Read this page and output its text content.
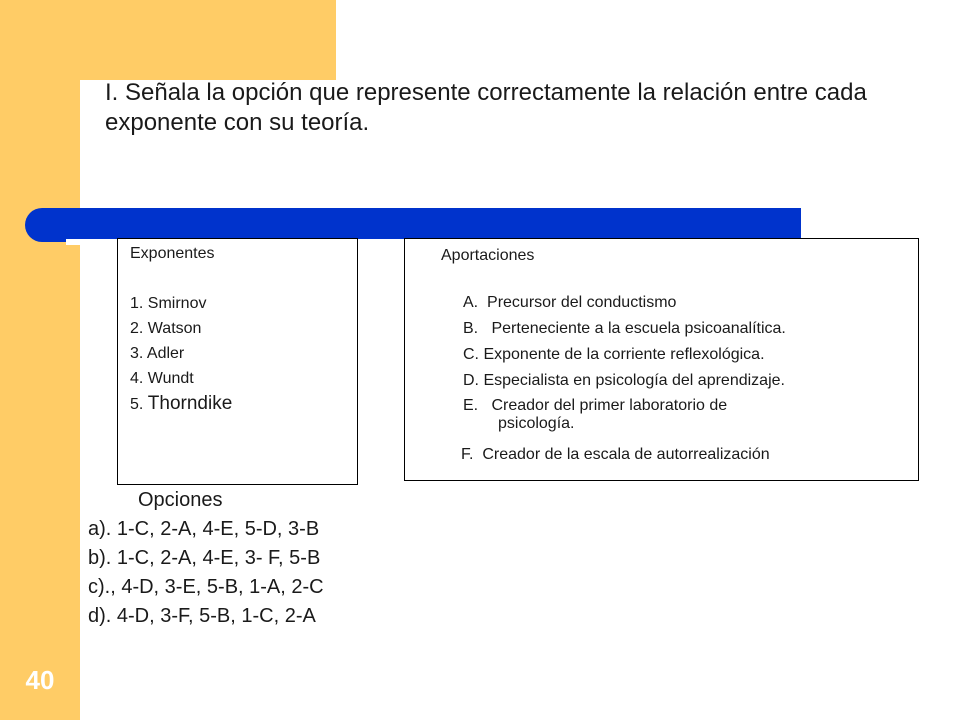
40
I. Señala la opción que represente correctamente la relación entre cada exponente con su teoría.
Exponentes
1. Smirnov
2. Watson
3. Adler
4. Wundt
5. Thorndike
Aportaciones
A. Precursor del conductismo
B. Perteneciente a la escuela psicoanalítica.
C. Exponente de la corriente reflexológica.
D. Especialista en psicología del aprendizaje.
E. Creador del primer laboratorio de
psicología.
F. Creador de la escala de autorrealización
Opciones
a). 1-C, 2-A, 4-E, 5-D, 3-B
b). 1-C, 2-A, 4-E, 3- F, 5-B
c)., 4-D, 3-E, 5-B, 1-A, 2-C
d). 4-D, 3-F, 5-B, 1-C, 2-A
